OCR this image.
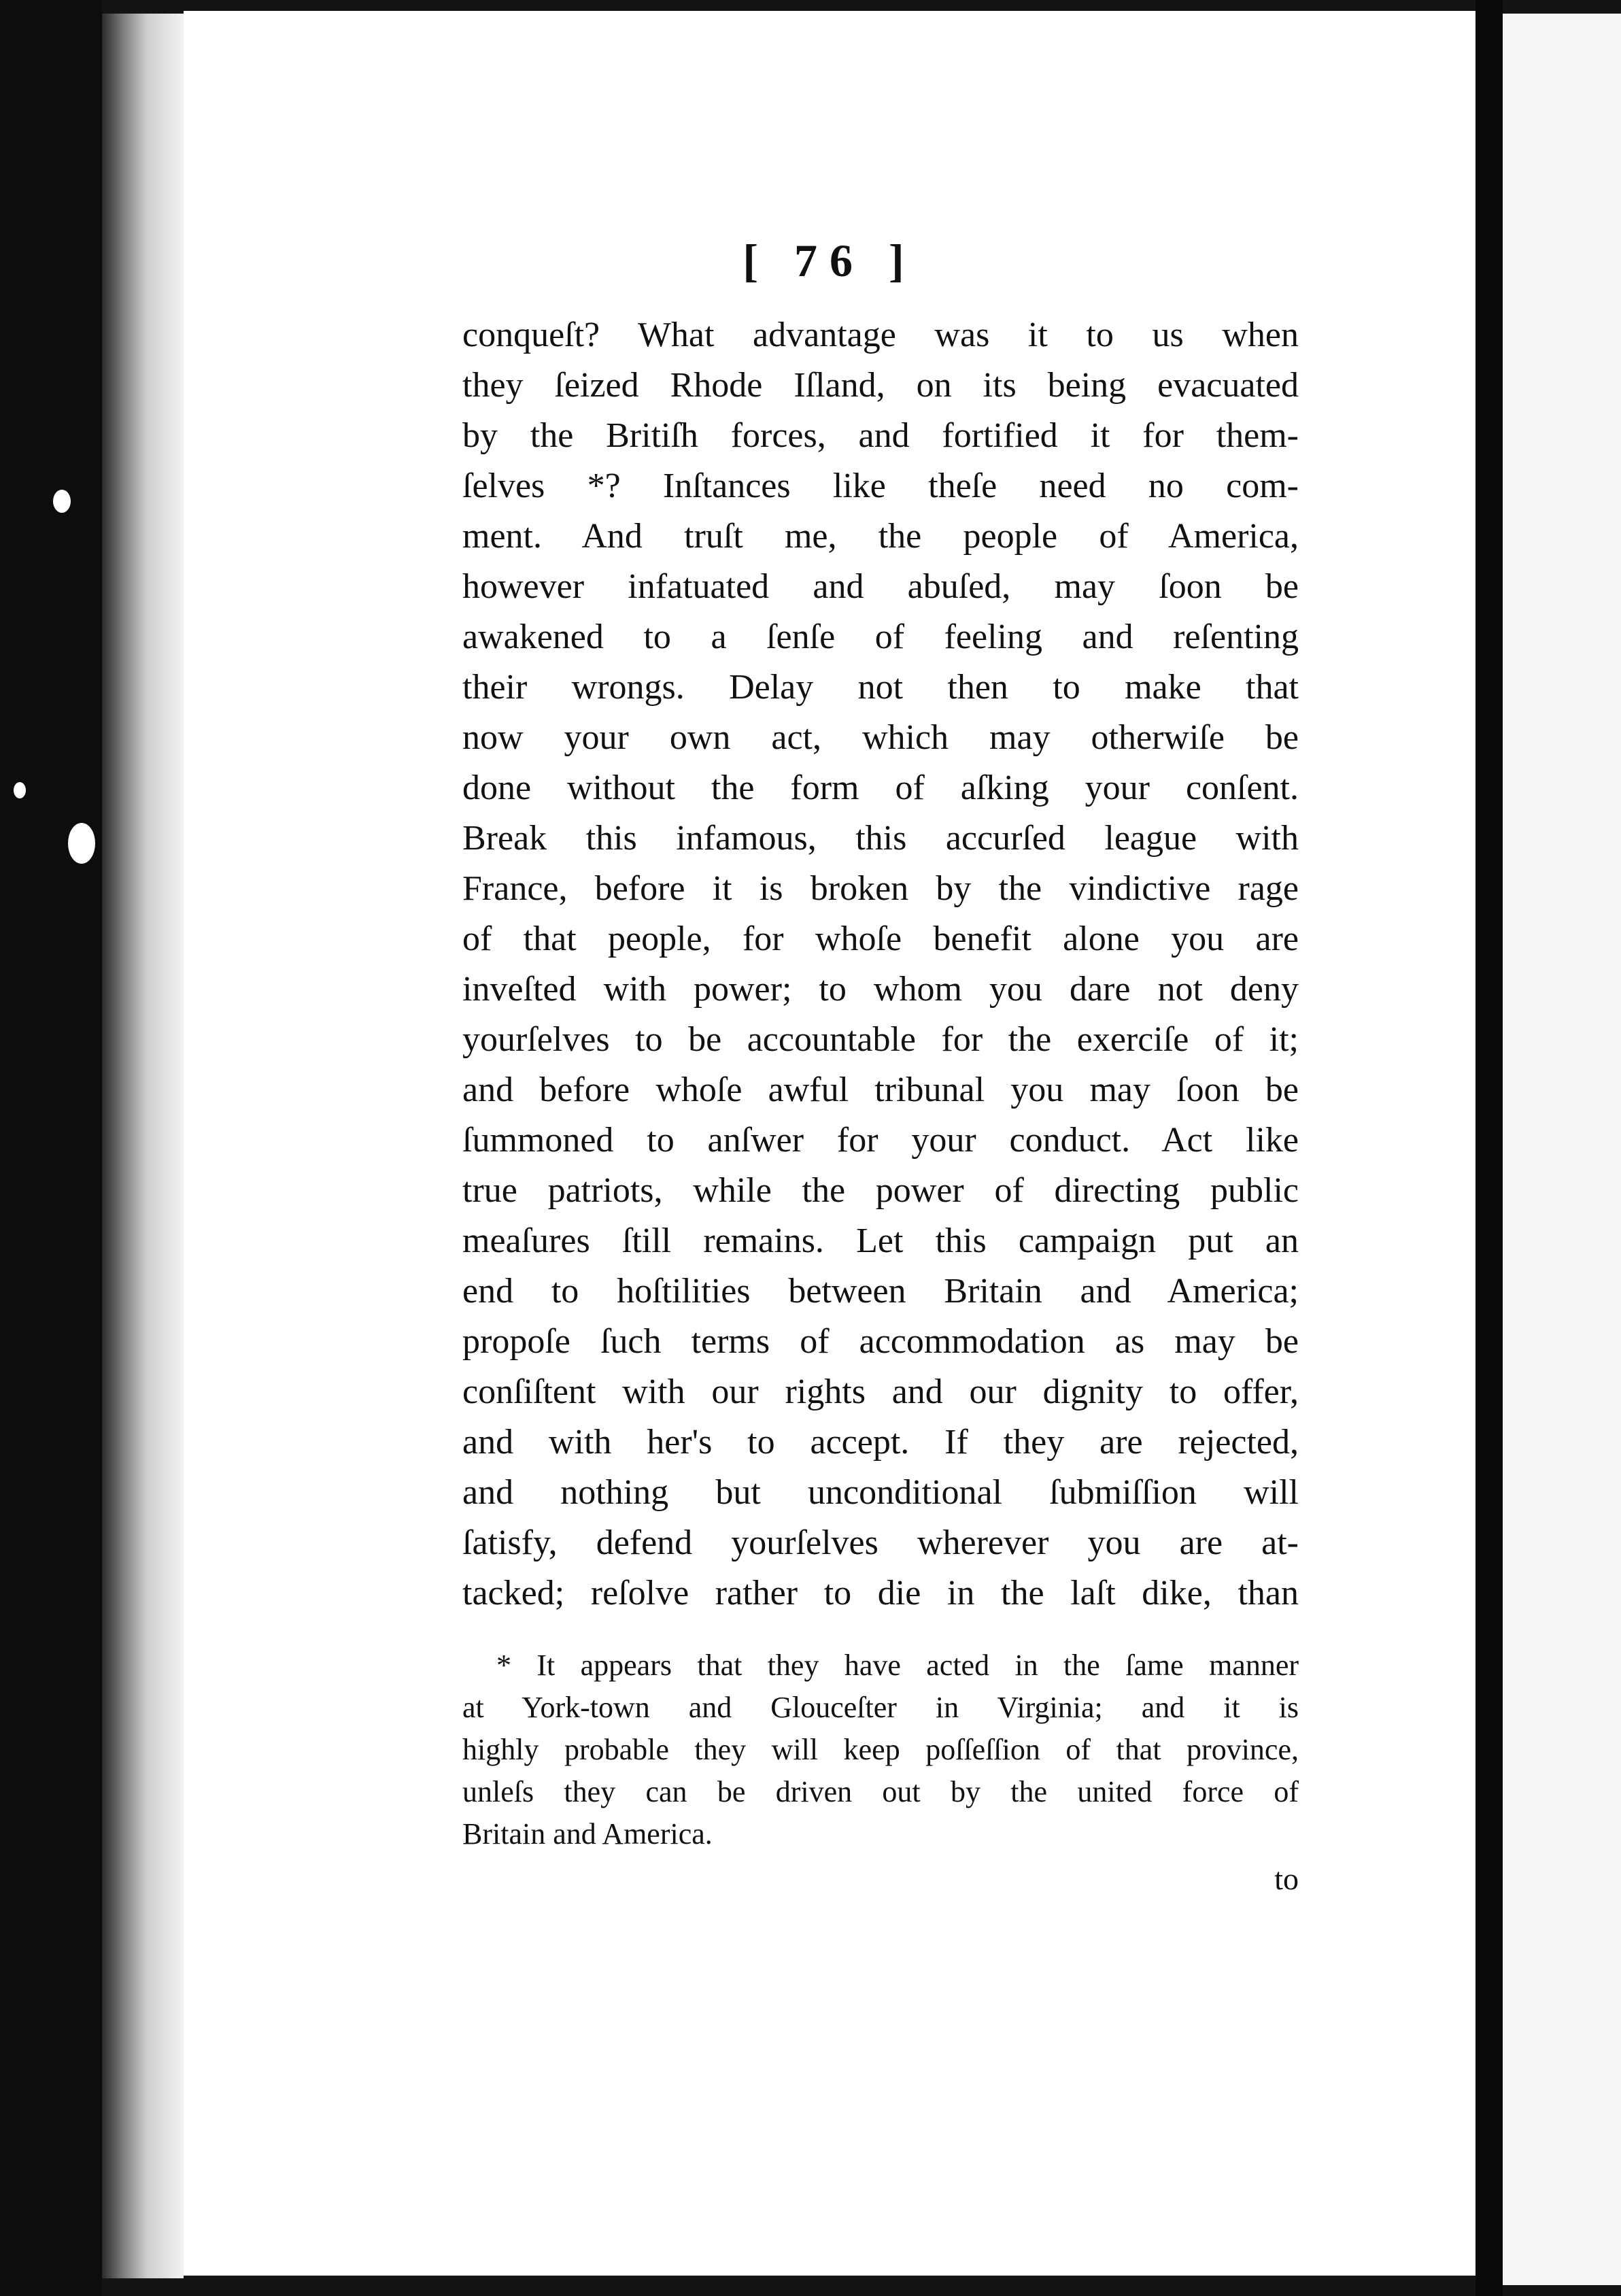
[ 76 ]
conqueſt? What advantage was it to us when
they ſeized Rhode Iſland, on its being evacuated
by the Britiſh forces, and fortified it for them-
ſelves *? Inſtances like theſe need no com-
ment. And truſt me, the people of America,
however infatuated and abuſed, may ſoon be
awakened to a ſenſe of feeling and reſenting
their wrongs. Delay not then to make that
now your own act, which may otherwiſe be
done without the form of aſking your conſent.
Break this infamous, this accurſed league with
France, before it is broken by the vindictive rage
of that people, for whoſe benefit alone you are
inveſted with power; to whom you dare not deny
yourſelves to be accountable for the exerciſe of it;
and before whoſe awful tribunal you may ſoon be
ſummoned to anſwer for your conduct. Act like
true patriots, while the power of directing public
meaſures ſtill remains. Let this campaign put an
end to hoſtilities between Britain and America;
propoſe ſuch terms of accommodation as may be
conſiſtent with our rights and our dignity to offer,
and with her's to accept. If they are rejected,
and nothing but unconditional ſubmiſſion will
ſatisfy, defend yourſelves wherever you are at-
tacked; reſolve rather to die in the laſt dike, than
* It appears that they have acted in the ſame manner
at York-town and Glouceſter in Virginia; and it is
highly probable they will keep poſſeſſion of that province,
unleſs they can be driven out by the united force of
Britain and America.
to
